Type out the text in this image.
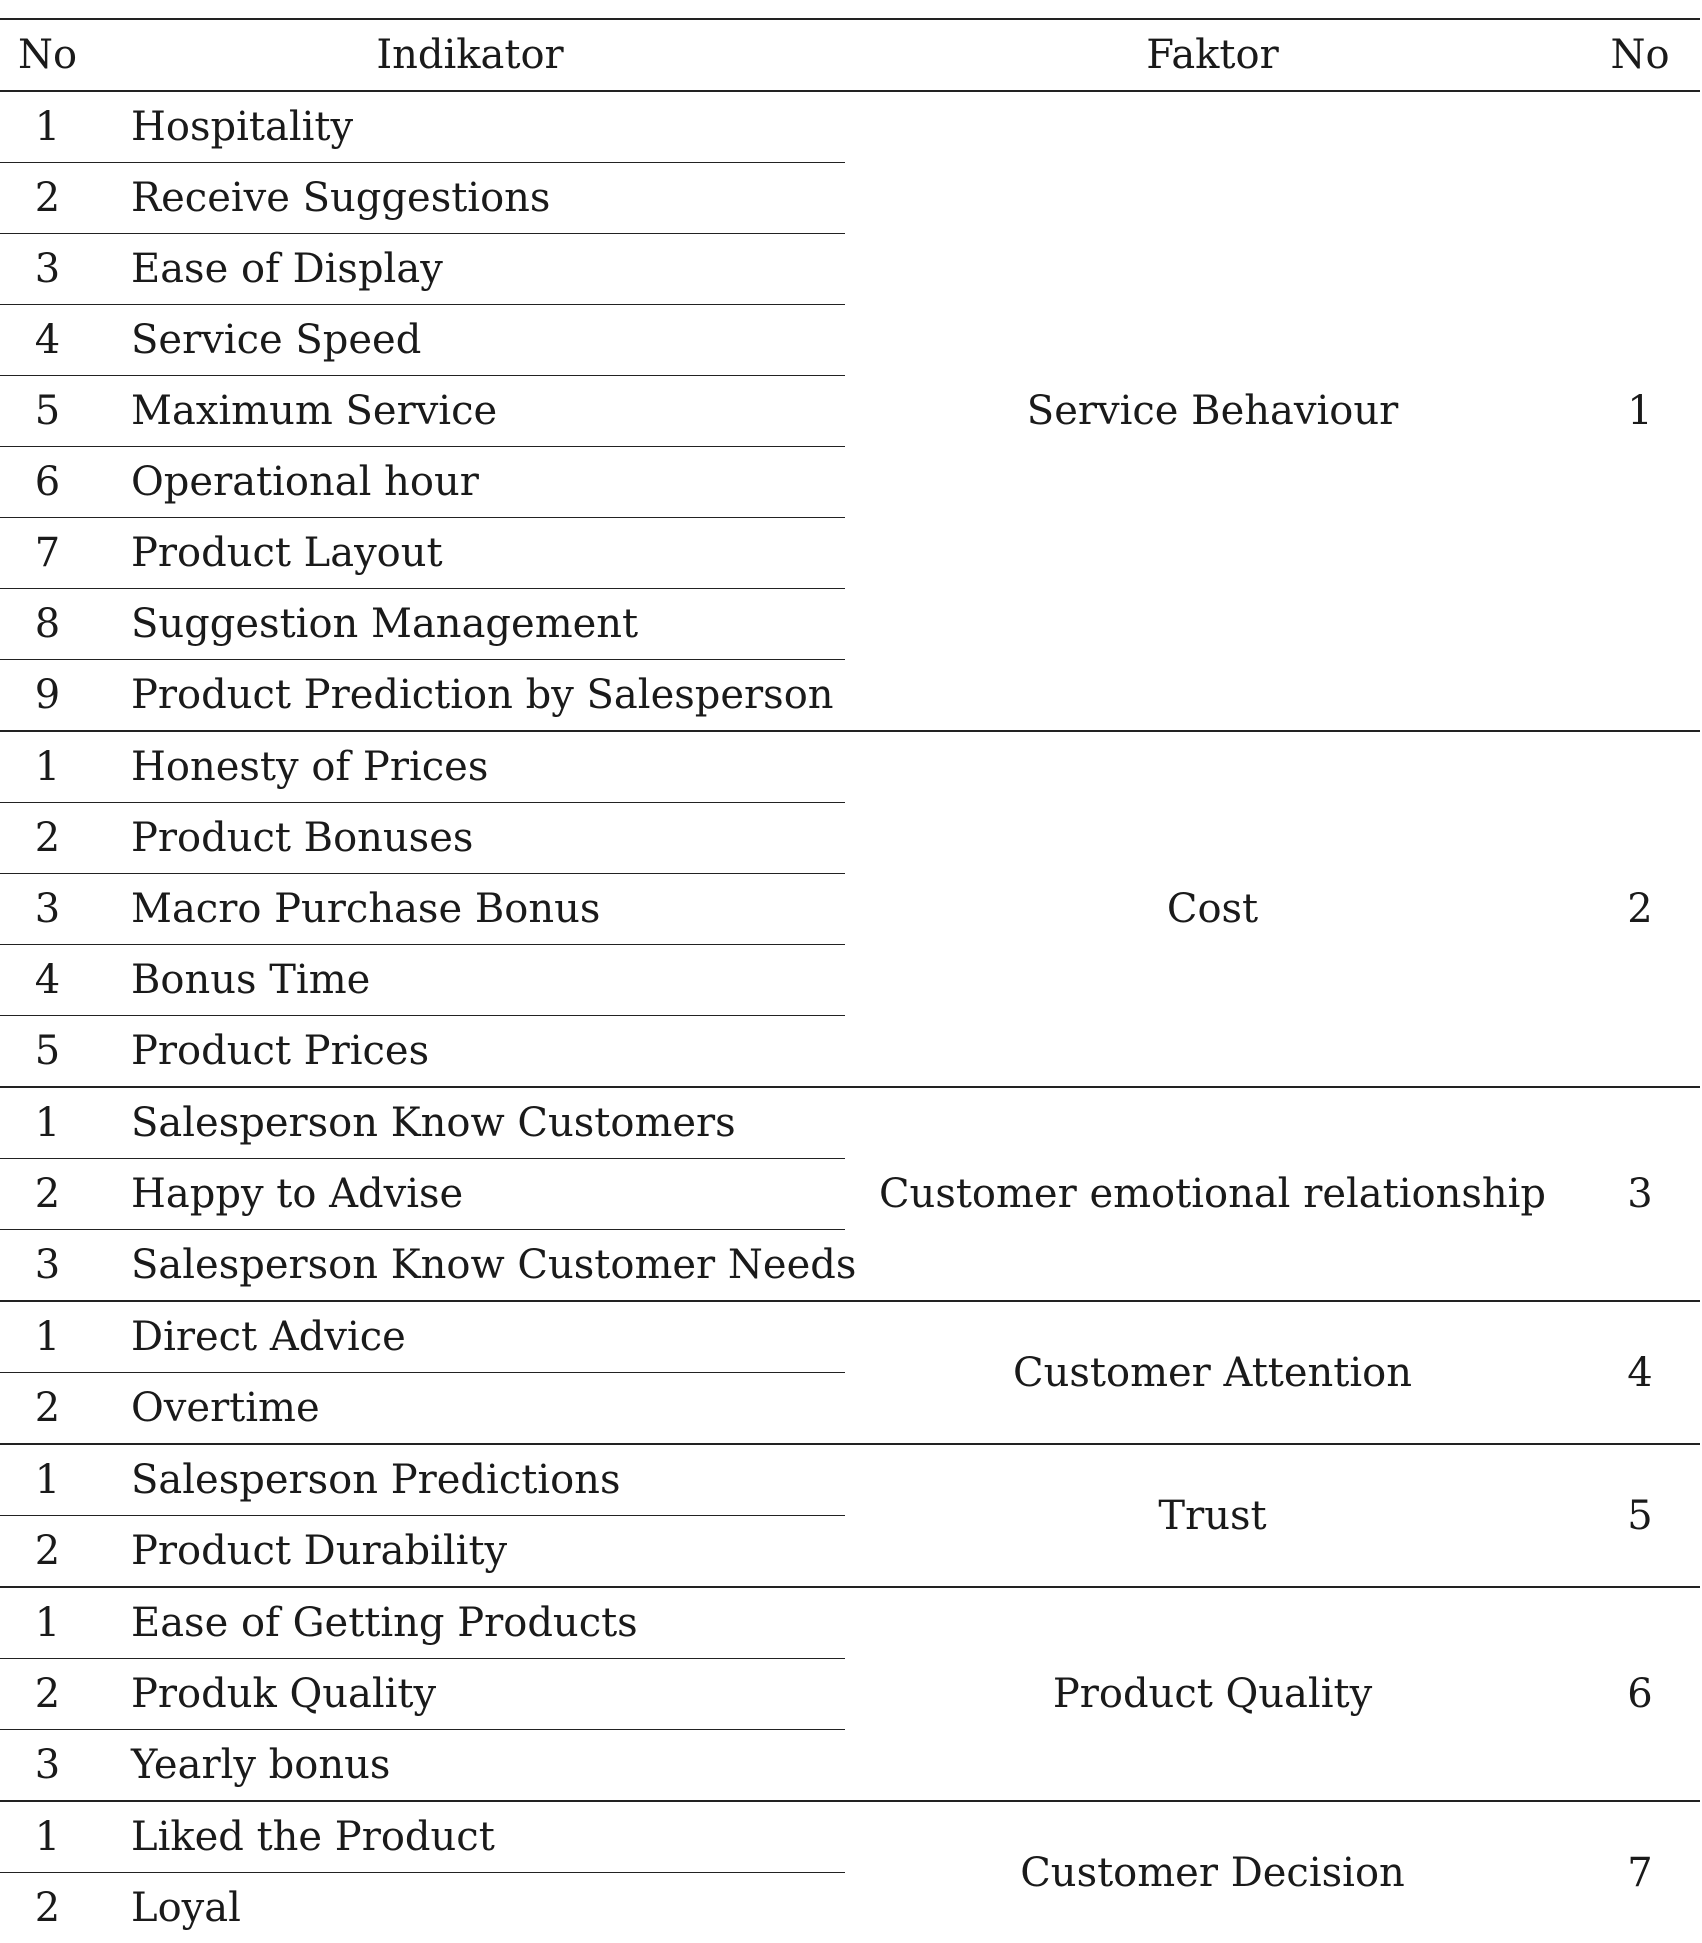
No	Indikator	Faktor	No
1	Hospitality	Service Behaviour	1
2	Receive Suggestions		
3	Ease of Display		
4	Service Speed		
5	Maximum Service		
6	Operational hour		
7	Product Layout		
8	Suggestion Management		
9	Product Prediction by Salesperson		
1	Honesty of Prices	Cost	2
2	Product Bonuses		
3	Macro Purchase Bonus		
4	Bonus Time		
5	Product Prices		
1	Salesperson Know Customers	Customer emotional relationship	3
2	Happy to Advise		
3	Salesperson Know Customer Needs		
1	Direct Advice	Customer Attention	4
2	Overtime		
1	Salesperson Predictions	Trust	5
2	Product Durability		
1	Ease of Getting Products	Product Quality	6
2	Produk Quality		
3	Yearly bonus		
1	Liked the Product	Customer Decision	7
2	Loyal		
